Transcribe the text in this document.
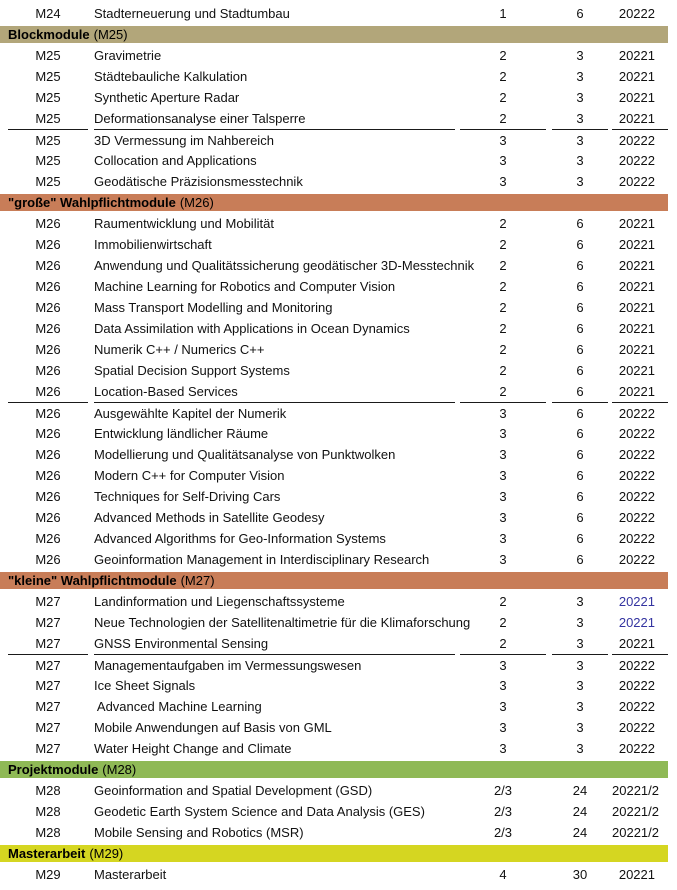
M24	Stadterneuerung und Stadtumbau	1	6	20222
Blockmodule (M25)
M25	Gravimetrie	2	3	20221
M25	Städtebauliche Kalkulation	2	3	20221
M25	Synthetic Aperture Radar	2	3	20221
M25	Deformationsanalyse einer Talsperre	2	3	20221
M25	3D Vermessung im Nahbereich	3	3	20222
M25	Collocation and Applications	3	3	20222
M25	Geodätische Präzisionsmesstechnik	3	3	20222
"große" Wahlpflichtmodule (M26)
M26	Raumentwicklung und Mobilität	2	6	20221
M26	Immobilienwirtschaft	2	6	20221
M26	Anwendung und Qualitätssicherung geodätischer 3D-Messtechnik	2	6	20221
M26	Machine Learning for Robotics and Computer Vision	2	6	20221
M26	Mass Transport Modelling and Monitoring	2	6	20221
M26	Data Assimilation with Applications in Ocean Dynamics	2	6	20221
M26	Numerik C++ / Numerics C++	2	6	20221
M26	Spatial Decision Support Systems	2	6	20221
M26	Location-Based Services	2	6	20221
M26	Ausgewählte Kapitel der Numerik	3	6	20222
M26	Entwicklung ländlicher Räume	3	6	20222
M26	Modellierung und Qualitätsanalyse von Punktwolken	3	6	20222
M26	Modern C++ for Computer Vision	3	6	20222
M26	Techniques for Self-Driving Cars	3	6	20222
M26	Advanced Methods in Satellite Geodesy	3	6	20222
M26	Advanced Algorithms for Geo-Information Systems	3	6	20222
M26	Geoinformation Management in Interdisciplinary Research	3	6	20222
"kleine" Wahlpflichtmodule (M27)
M27	Landinformation und Liegenschaftssysteme	2	3	20221
M27	Neue Technologien der Satellitenaltimetrie für die Klimaforschung	2	3	20221
M27	GNSS Environmental Sensing	2	3	20221
M27	Managementaufgaben im Vermessungswesen	3	3	20222
M27	Ice Sheet Signals	3	3	20222
M27	Advanced Machine Learning	3	3	20222
M27	Mobile Anwendungen auf Basis von GML	3	3	20222
M27	Water Height Change and Climate	3	3	20222
Projektmodule (M28)
M28	Geoinformation and Spatial Development (GSD)	2/3	24	20221/2
M28	Geodetic Earth System Science and Data Analysis (GES)	2/3	24	20221/2
M28	Mobile Sensing and Robotics (MSR)	2/3	24	20221/2
Masterarbeit (M29)
M29	Masterarbeit	4	30	20221
